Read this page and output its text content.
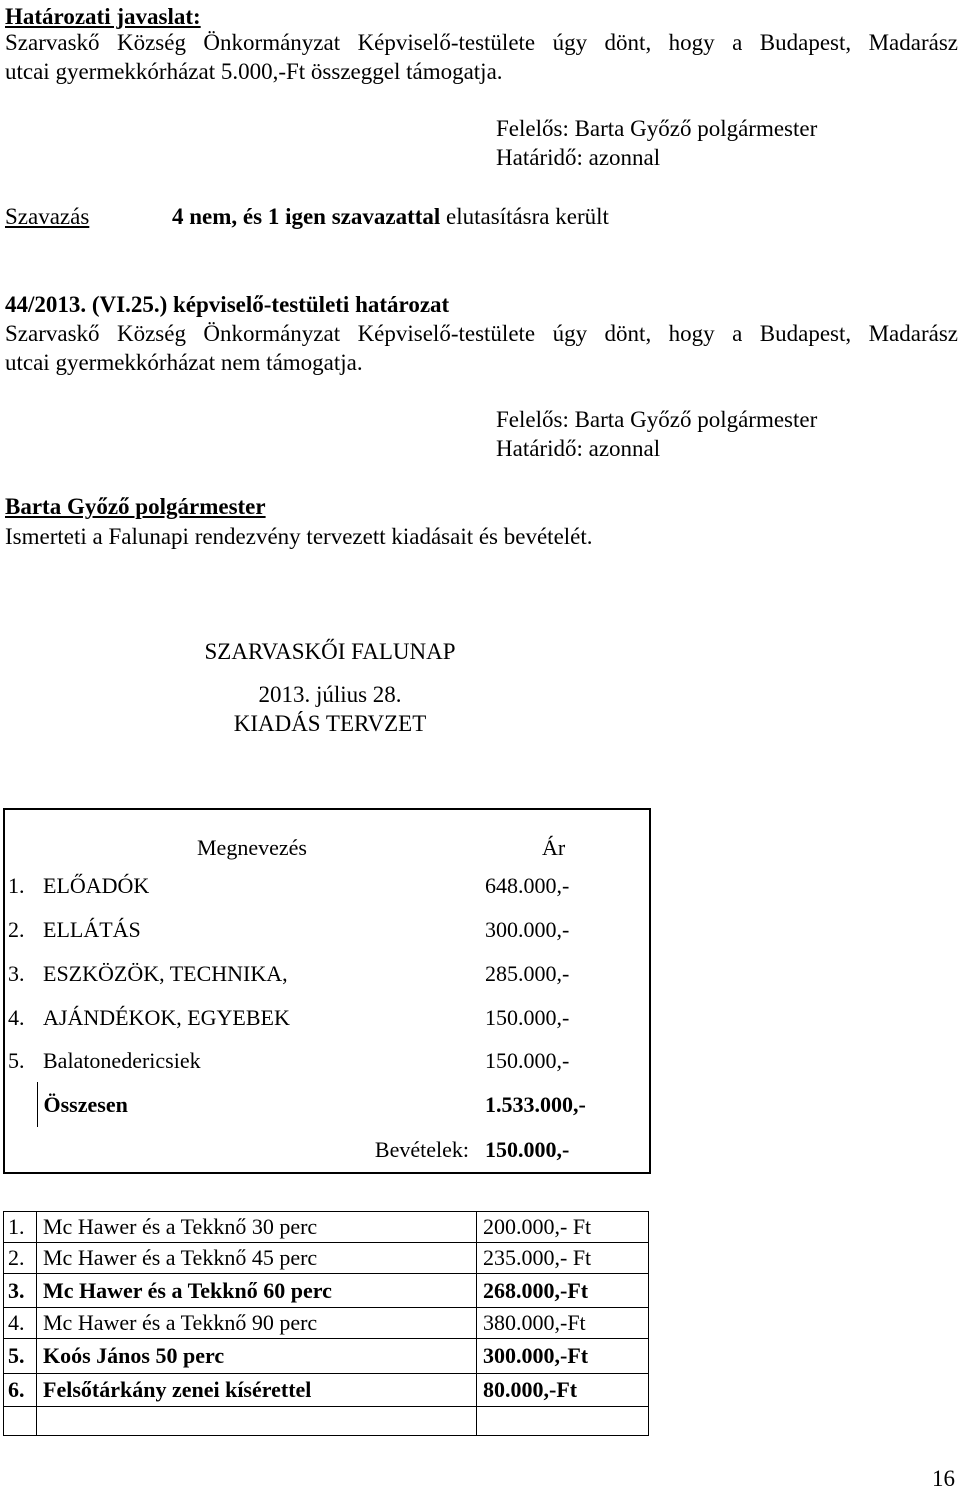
Határozati javaslat:
Szarvaskő Község Önkormányzat Képviselő-testülete úgy dönt, hogy a Budapest, Madarász
utcai gyermekkórházat 5.000,-Ft összeggel támogatja.
Felelős: Barta Győző polgármester
Határidő: azonnal
Szavazás	4 nem, és 1 igen szavazattal elutasításra került
44/2013. (VI.25.) képviselő-testületi határozat
Szarvaskő Község Önkormányzat Képviselő-testülete úgy dönt, hogy a Budapest, Madarász
utcai gyermekkórházat nem támogatja.
Felelős: Barta Győző polgármester
Határidő: azonnal
Barta Győző polgármester
Ismerteti a Falunapi rendezvény tervezett kiadásait és bevételét.
SZARVASKŐI FALUNAP
2013. július 28.
KIADÁS TERVZET
	Megnevezés	Ár
1.	ELŐADÓK	648.000,-
2.	ELLÁTÁS	300.000,-
3.	ESZKÖZÖK, TECHNIKA,	285.000,-
4.	AJÁNDÉKOK, EGYEBEK	150.000,-
5.	Balatonedericsiek	150.000,-
	Összesen	1.533.000,-
	Bevételek:	150.000,-
1.	Mc Hawer és a Tekknő 30 perc	200.000,- Ft
2.	Mc Hawer és a Tekknő 45 perc	235.000,- Ft
3.	Mc Hawer és a Tekknő 60 perc	268.000,-Ft
4.	Mc Hawer és a Tekknő 90 perc	380.000,-Ft
5.	Koós János 50 perc	300.000,-Ft
6.	Felsőtárkány zenei kísérettel	80.000,-Ft

16
